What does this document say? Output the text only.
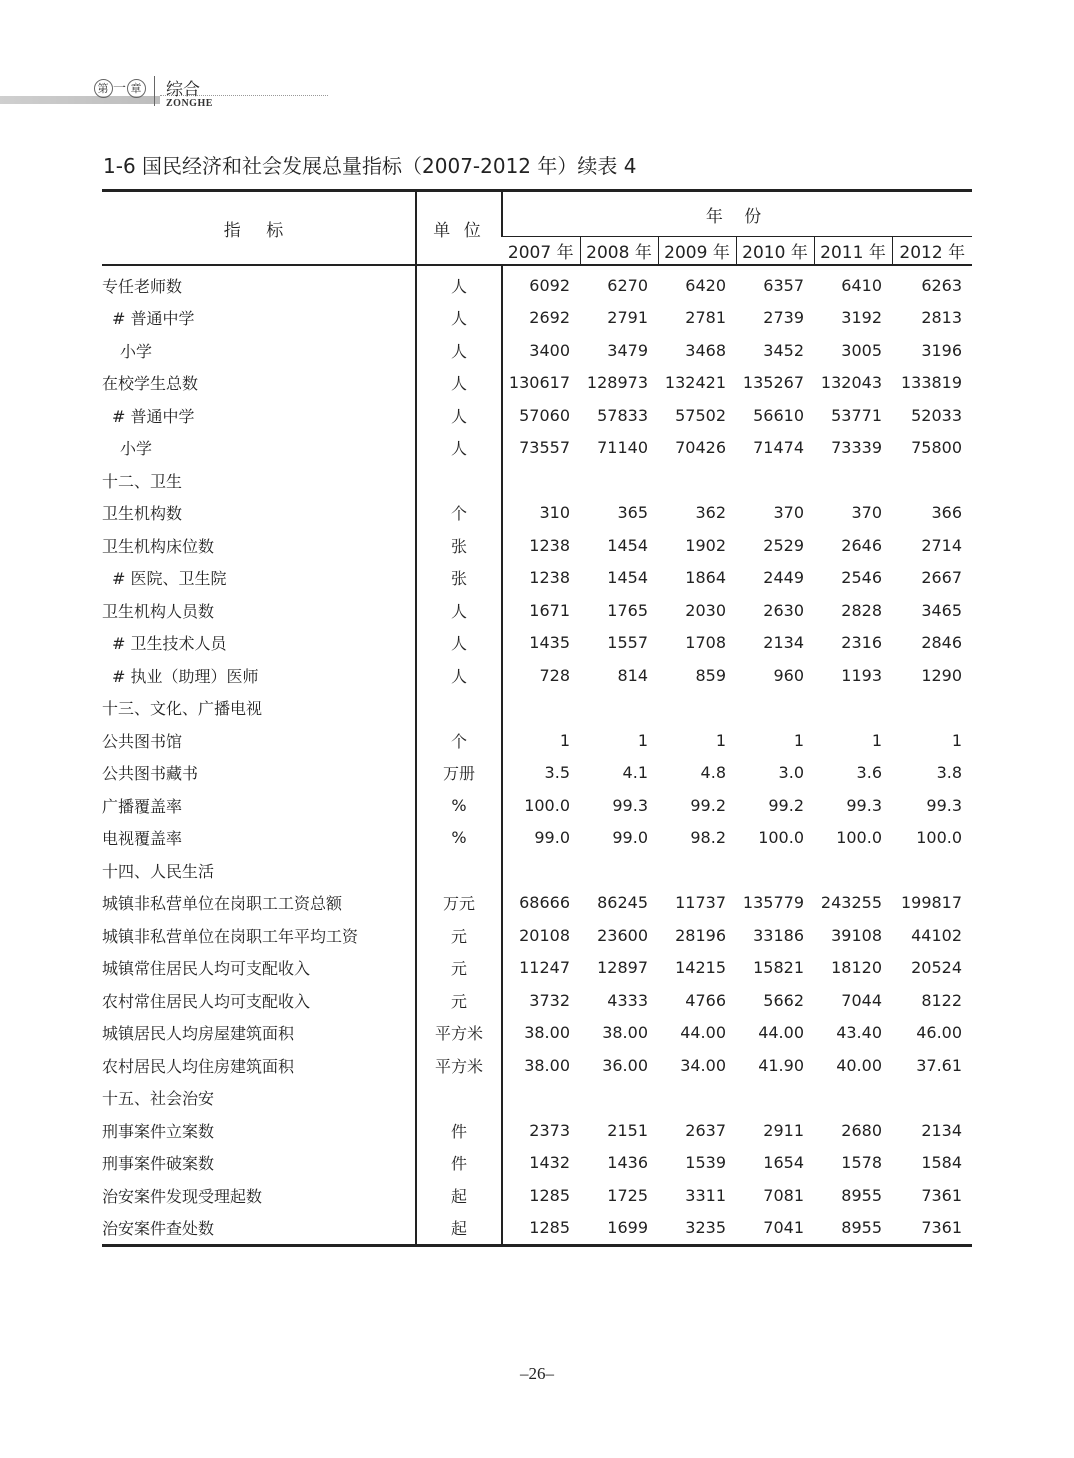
第 一 章 综合
ZONGHE
1-6 国民经济和社会发展总量指标（2007-2012 年）续表 4
指 标	单 位	年 份					
		2007 年	2008 年	2009 年	2010 年	2011 年	2012 年
专任老师数	人	6092	6270	6420	6357	6410	6263
# 普通中学	人	2692	2791	2781	2739	3192	2813
小学	人	3400	3479	3468	3452	3005	3196
在校学生总数	人	130617	128973	132421	135267	132043	133819
# 普通中学	人	57060	57833	57502	56610	53771	52033
小学	人	73557	71140	70426	71474	73339	75800
十二、卫生							
卫生机构数	个	310	365	362	370	370	366
卫生机构床位数	张	1238	1454	1902	2529	2646	2714
# 医院、卫生院	张	1238	1454	1864	2449	2546	2667
卫生机构人员数	人	1671	1765	2030	2630	2828	3465
# 卫生技术人员	人	1435	1557	1708	2134	2316	2846
# 执业（助理）医师	人	728	814	859	960	1193	1290
十三、文化、广播电视							
公共图书馆	个	1	1	1	1	1	1
公共图书藏书	万册	3.5	4.1	4.8	3.0	3.6	3.8
广播覆盖率	%	100.0	99.3	99.2	99.2	99.3	99.3
电视覆盖率	%	99.0	99.0	98.2	100.0	100.0	100.0
十四、人民生活							
城镇非私营单位在岗职工工资总额	万元	68666	86245	11737	135779	243255	199817
城镇非私营单位在岗职工年平均工资	元	20108	23600	28196	33186	39108	44102
城镇常住居民人均可支配收入	元	11247	12897	14215	15821	18120	20524
农村常住居民人均可支配收入	元	3732	4333	4766	5662	7044	8122
城镇居民人均房屋建筑面积	平方米	38.00	38.00	44.00	44.00	43.40	46.00
农村居民人均住房建筑面积	平方米	38.00	36.00	34.00	41.90	40.00	37.61
十五、社会治安							
刑事案件立案数	件	2373	2151	2637	2911	2680	2134
刑事案件破案数	件	1432	1436	1539	1654	1578	1584
治安案件发现受理起数	起	1285	1725	3311	7081	8955	7361
治安案件查处数	起	1285	1699	3235	7041	8955	7361
–26–
